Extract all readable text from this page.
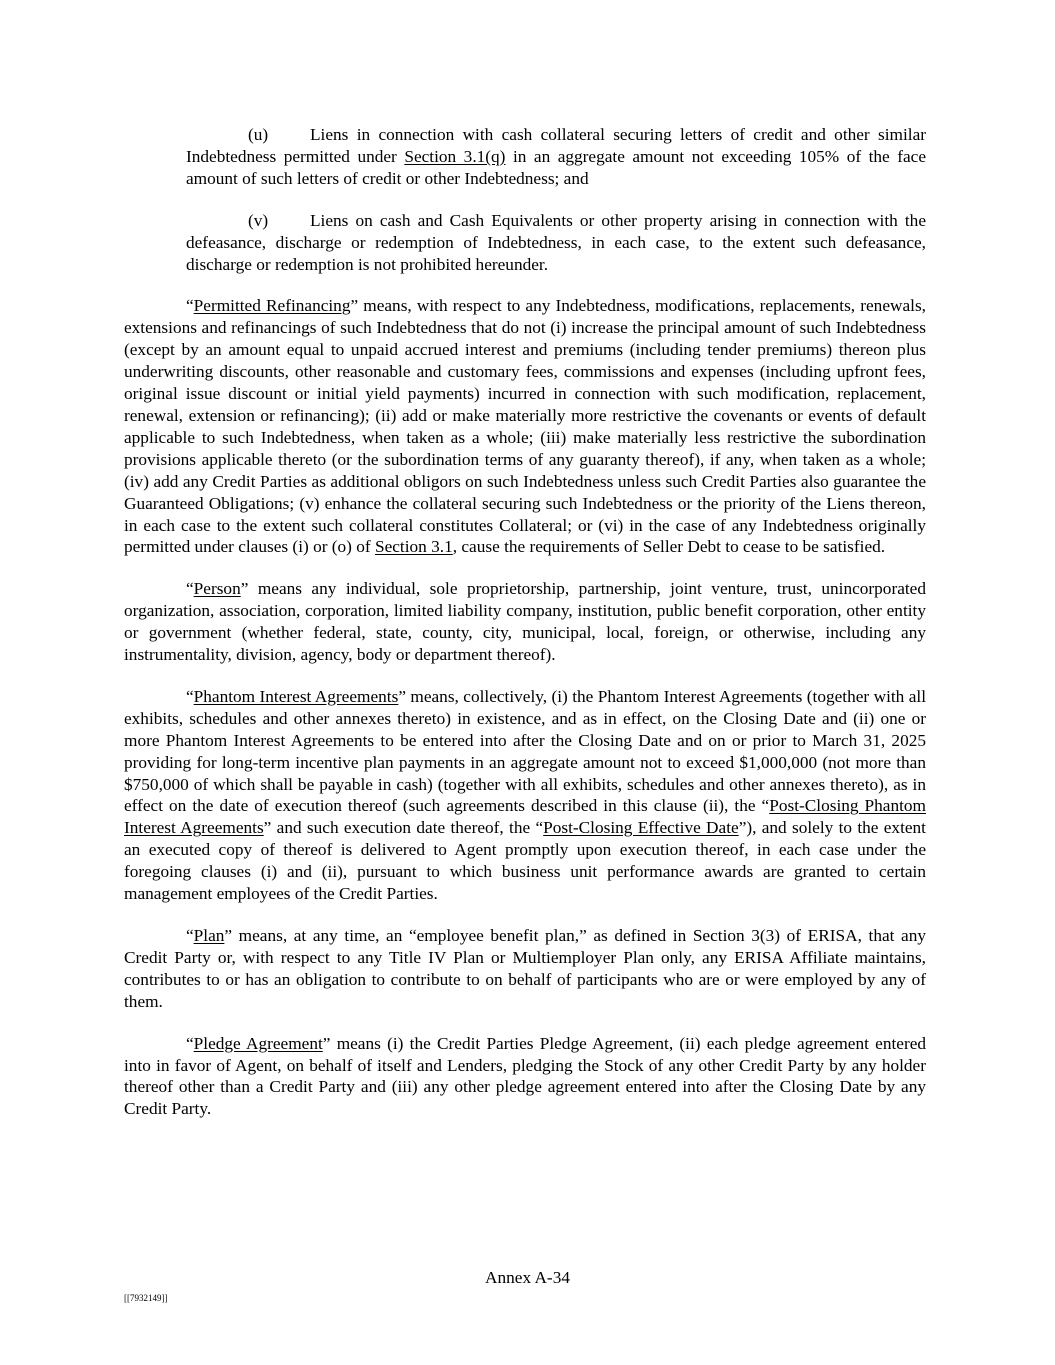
(u) Liens in connection with cash collateral securing letters of credit and other similar Indebtedness permitted under Section 3.1(q) in an aggregate amount not exceeding 105% of the face amount of such letters of credit or other Indebtedness; and

(v) Liens on cash and Cash Equivalents or other property arising in connection with the defeasance, discharge or redemption of Indebtedness, in each case, to the extent such defeasance, discharge or redemption is not prohibited hereunder.

“Permitted Refinancing” means, with respect to any Indebtedness, modifications, replacements, renewals, extensions and refinancings of such Indebtedness that do not (i) increase the principal amount of such Indebtedness (except by an amount equal to unpaid accrued interest and premiums (including tender premiums) thereon plus underwriting discounts, other reasonable and customary fees, commissions and expenses (including upfront fees, original issue discount or initial yield payments) incurred in connection with such modification, replacement, renewal, extension or refinancing); (ii) add or make materially more restrictive the covenants or events of default applicable to such Indebtedness, when taken as a whole; (iii) make materially less restrictive the subordination provisions applicable thereto (or the subordination terms of any guaranty thereof), if any, when taken as a whole; (iv) add any Credit Parties as additional obligors on such Indebtedness unless such Credit Parties also guarantee the Guaranteed Obligations; (v) enhance the collateral securing such Indebtedness or the priority of the Liens thereon, in each case to the extent such collateral constitutes Collateral; or (vi) in the case of any Indebtedness originally permitted under clauses (i) or (o) of Section 3.1, cause the requirements of Seller Debt to cease to be satisfied.

“Person” means any individual, sole proprietorship, partnership, joint venture, trust, unincorporated organization, association, corporation, limited liability company, institution, public benefit corporation, other entity or government (whether federal, state, county, city, municipal, local, foreign, or otherwise, including any instrumentality, division, agency, body or department thereof).

“Phantom Interest Agreements” means, collectively, (i) the Phantom Interest Agreements (together with all exhibits, schedules and other annexes thereto) in existence, and as in effect, on the Closing Date and (ii) one or more Phantom Interest Agreements to be entered into after the Closing Date and on or prior to March 31, 2025 providing for long-term incentive plan payments in an aggregate amount not to exceed $1,000,000 (not more than $750,000 of which shall be payable in cash) (together with all exhibits, schedules and other annexes thereto), as in effect on the date of execution thereof (such agreements described in this clause (ii), the “Post-Closing Phantom Interest Agreements” and such execution date thereof, the “Post-Closing Effective Date”), and solely to the extent an executed copy of thereof is delivered to Agent promptly upon execution thereof, in each case under the foregoing clauses (i) and (ii), pursuant to which business unit performance awards are granted to certain management employees of the Credit Parties.

“Plan” means, at any time, an “employee benefit plan,” as defined in Section 3(3) of ERISA, that any Credit Party or, with respect to any Title IV Plan or Multiemployer Plan only, any ERISA Affiliate maintains, contributes to or has an obligation to contribute to on behalf of participants who are or were employed by any of them.

“Pledge Agreement” means (i) the Credit Parties Pledge Agreement, (ii) each pledge agreement entered into in favor of Agent, on behalf of itself and Lenders, pledging the Stock of any other Credit Party by any holder thereof other than a Credit Party and (iii) any other pledge agreement entered into after the Closing Date by any Credit Party.

Annex A-34
[[7932149]]
